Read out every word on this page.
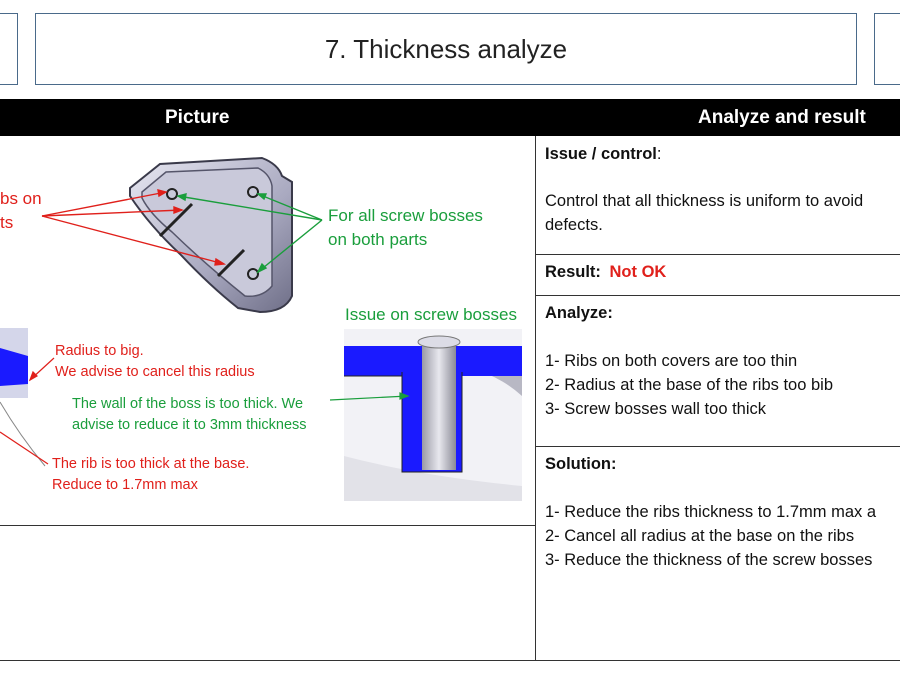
7. Thickness analyze
Picture	Analyze and result
Issue / control:
Control that all thickness is uniform to avoid
defects.
Result: Not OK
Analyze:
1- Ribs on both covers are too thin
2- Radius at the base of the ribs too bib
3- Screw bosses wall too thick
Solution:
1- Reduce the ribs thickness to 1.7mm max a
2- Cancel all radius at the base on the ribs
3- Reduce the thickness of the screw bosses
bs on
ts	For all screw bosses
on both parts
Issue on screw bosses
Radius to big.
We advise to cancel this radius
The wall of the boss is too thick. We
advise to reduce it to 3mm thickness
The rib is too thick at the base.
Reduce to 1.7mm max
